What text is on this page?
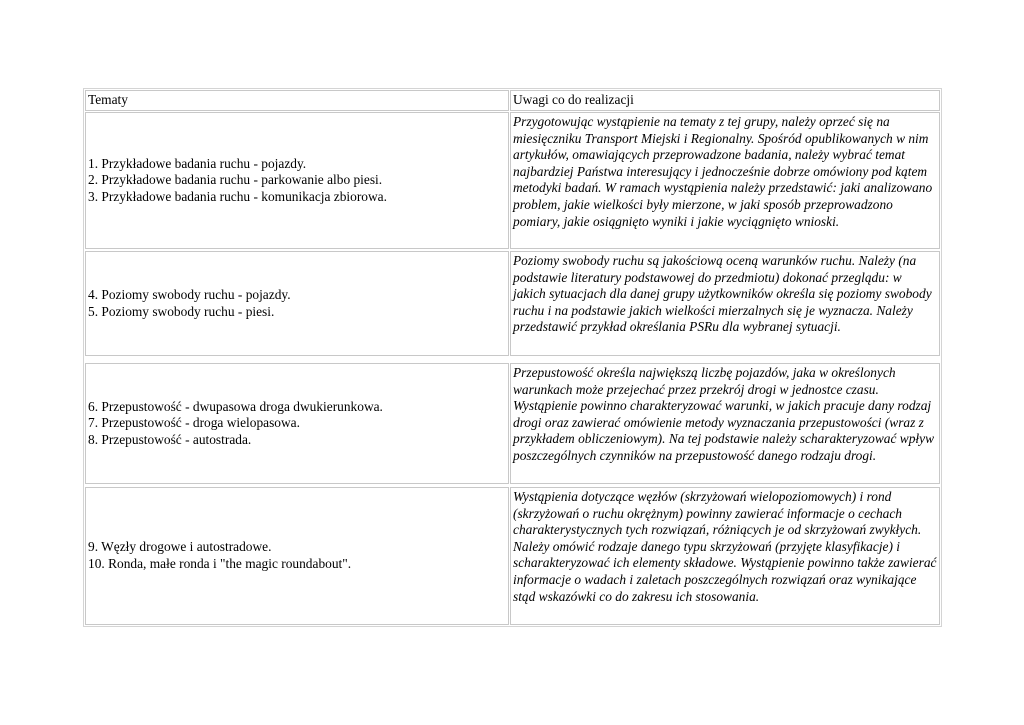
Tematy	Uwagi co do realizacji

1. Przykładowe badania ruchu - pojazdy.

2. Przykładowe badania ruchu - parkowanie albo piesi.

3. Przykładowe badania ruchu - komunikacja zbiorowa.

Przygotowując wystąpienie na tematy z tej grupy, należy oprzeć się na miesięczniku Transport Miejski i Regionalny. Spośród opublikowanych w nim artykułów, omawiających przeprowadzone badania, należy wybrać temat najbardziej Państwa interesujący i jednocześnie dobrze omówiony pod kątem metodyki badań. W ramach wystąpienia należy przedstawić: jaki analizowano problem, jakie wielkości były mierzone, w jaki sposób przeprowadzono pomiary, jakie osiągnięto wyniki i jakie wyciągnięto wnioski.

4. Poziomy swobody ruchu - pojazdy.

5. Poziomy swobody ruchu - piesi.

Poziomy swobody ruchu są jakościową oceną warunków ruchu. Należy (na podstawie literatury podstawowej do przedmiotu) dokonać przeglądu: w jakich sytuacjach dla danej grupy użytkowników określa się poziomy swobody ruchu i na podstawie jakich wielkości mierzalnych się je wyznacza. Należy przedstawić przykład określania PSRu dla wybranej sytuacji.

6. Przepustowość - dwupasowa droga dwukierunkowa.

7. Przepustowość - droga wielopasowa.

8. Przepustowość - autostrada.

Przepustowość określa największą liczbę pojazdów, jaka w określonych warunkach może przejechać przez przekrój drogi w jednostce czasu. Wystąpienie powinno charakteryzować warunki, w jakich pracuje dany rodzaj drogi oraz zawierać omówienie metody wyznaczania przepustowości (wraz z przykładem obliczeniowym). Na tej podstawie należy scharakteryzować wpływ poszczególnych czynników na przepustowość danego rodzaju drogi.

9. Węzły drogowe i autostradowe.

10. Ronda, małe ronda i "the magic roundabout".

Wystąpienia dotyczące węzłów (skrzyżowań wielopoziomowych) i rond (skrzyżowań o ruchu okrężnym) powinny zawierać informacje o cechach charakterystycznych tych rozwiązań, różniących je od skrzyżowań zwykłych. Należy omówić rodzaje danego typu skrzyżowań (przyjęte klasyfikacje) i scharakteryzować ich elementy składowe. Wystąpienie powinno także zawierać informacje o wadach i zaletach poszczególnych rozwiązań oraz wynikające stąd wskazówki co do zakresu ich stosowania.
